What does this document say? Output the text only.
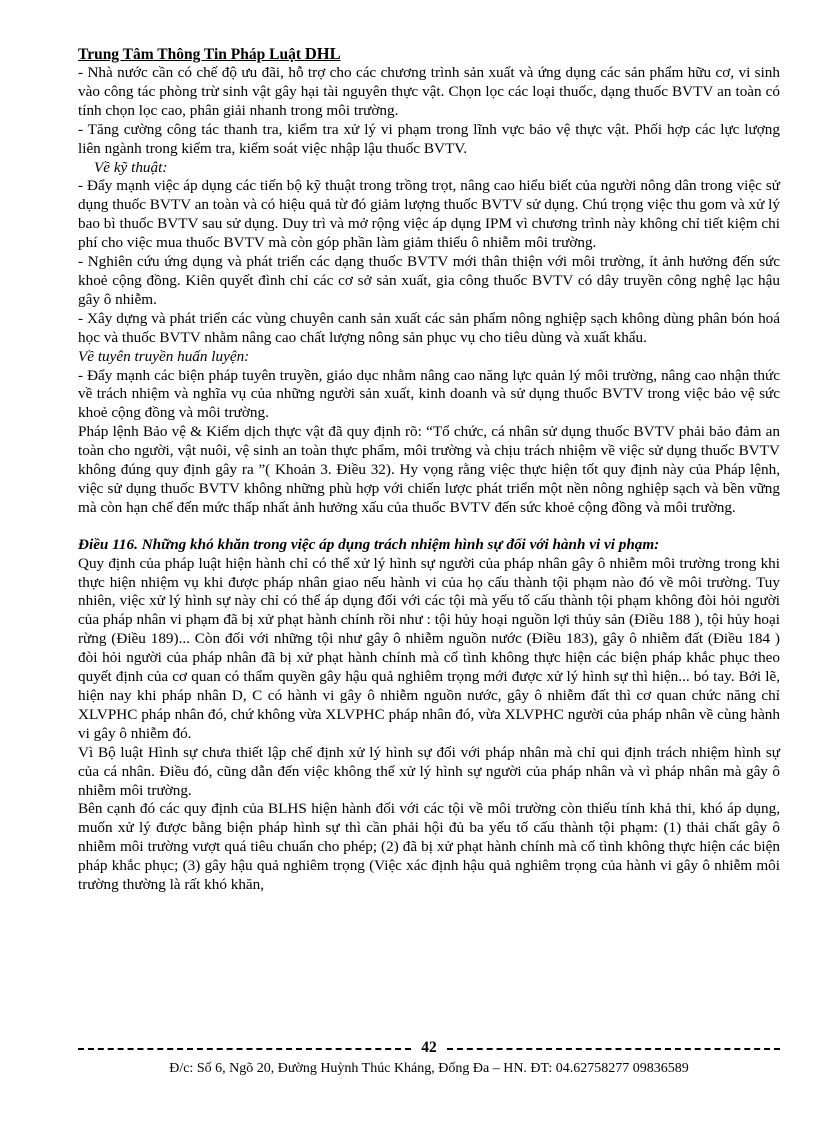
Trung Tâm Thông Tin Pháp Luật DHL

- Nhà nước cần có chế độ ưu đãi, hỗ trợ cho các chương trình sản xuất và ứng dụng các sản phẩm hữu cơ, vi sinh vào công tác phòng trừ sinh vật gây hại tài nguyên thực vật. Chọn lọc các loại thuốc, dạng thuốc BVTV an toàn có tính chọn lọc cao, phân giải nhanh trong môi trường.

- Tăng cường công tác thanh tra, kiểm tra xử lý vi phạm trong lĩnh vực bảo vệ thực vật. Phối hợp các lực lượng liên ngành trong kiểm tra, kiểm soát việc nhập lậu thuốc BVTV.

Về kỹ thuật:

- Đẩy mạnh việc áp dụng các tiến bộ kỹ thuật trong trồng trọt, nâng cao hiểu biết của người nông dân trong việc sử dụng thuốc BVTV an toàn và có hiệu quả từ đó giảm lượng thuốc BVTV sử dụng. Chú trọng việc thu gom và xử lý bao bì thuốc BVTV sau sử dụng. Duy trì và mở rộng việc áp dụng IPM vì chương trình này không chỉ tiết kiệm chi phí cho việc mua thuốc BVTV mà còn góp phần làm giảm thiểu ô nhiễm môi trường.

- Nghiên cứu ứng dụng và phát triển các dạng thuốc BVTV mới thân thiện với môi trường, ít ảnh hưởng đến sức khoẻ cộng đồng. Kiên quyết đình chỉ các cơ sở sản xuất, gia công thuốc BVTV có dây truyền công nghệ lạc hậu gây ô nhiễm.

- Xây dựng và phát triển các vùng chuyên canh sản xuất các sản phẩm nông nghiệp sạch không dùng phân bón hoá học và thuốc BVTV nhằm nâng cao chất lượng nông sản phục vụ cho tiêu dùng và xuất khẩu.

Về tuyên truyền huấn luyện:

- Đẩy mạnh các biện pháp tuyên truyền, giáo dục nhằm nâng cao năng lực quản lý môi trường, nâng cao nhận thức về trách nhiệm và nghĩa vụ của những người sản xuất, kinh doanh và sử dụng thuốc BVTV trong việc bảo vệ sức khoẻ cộng đồng và môi trường.

Pháp lệnh Bảo vệ & Kiểm dịch thực vật đã quy định rõ: “Tổ chức, cá nhân sử dụng thuốc BVTV phải bảo đảm an toàn cho người, vật nuôi, vệ sinh an toàn thực phẩm, môi trường và chịu trách nhiệm về việc sử dụng thuốc BVTV không đúng quy định gây ra ”( Khoản 3. Điều 32). Hy vọng rằng việc thực hiện tốt quy định này của Pháp lệnh, việc sử dụng thuốc BVTV không những phù hợp với chiến lược phát triển một nền nông nghiệp sạch và bền vững mà còn hạn chế đến mức thấp nhất ảnh hưởng xấu của thuốc BVTV đến sức khoẻ cộng đồng và môi trường.

Điều 116. Những khó khăn trong việc áp dụng trách nhiệm hình sự đối với hành vi vi phạm:

Quy định của pháp luật hiện hành chỉ có thể xử lý hình sự người của pháp nhân gây ô nhiễm môi trường trong khi thực hiện nhiệm vụ khi được pháp nhân giao nếu hành vi của họ cấu thành tội phạm nào đó về môi trường. Tuy nhiên, việc xử lý hình sự này chỉ có thể áp dụng đối với các tội mà yếu tố cấu thành tội phạm không đòi hỏi người của pháp nhân vi phạm đã bị xử phạt hành chính rồi như : tội hủy hoại nguồn lợi thủy sản (Điều 188 ), tội hủy hoại rừng (Điều 189)... Còn đối với những tội như gây ô nhiễm nguồn nước (Điều 183), gây ô nhiễm đất (Điều 184 ) đòi hỏi người của pháp nhân đã bị xử phạt hành chính mà cố tình không thực hiện các biện pháp khắc phục theo quyết định của cơ quan có thẩm quyền gây hậu quả nghiêm trọng mới được xử lý hình sự thì hiện... bó tay. Bởi lẽ, hiện nay khi pháp nhân D, C có hành vi gây ô nhiễm nguồn nước, gây ô nhiễm đất thì cơ quan chức năng chỉ XLVPHC pháp nhân đó, chứ không vừa XLVPHC pháp nhân đó, vừa XLVPHC người của pháp nhân về cùng hành vi gây ô nhiễm đó.

Vì Bộ luật Hình sự chưa thiết lập chế định xử lý hình sự đối với pháp nhân mà chỉ qui định trách nhiệm hình sự của cá nhân. Điều đó, cũng dẫn đến việc không thể xử lý hình sự người của pháp nhân và vì pháp nhân mà gây ô nhiễm môi trường.

Bên cạnh đó các quy định của BLHS hiện hành đối với các tội về môi trường còn thiếu tính khả thi, khó áp dụng, muốn xử lý được bằng biện pháp hình sự thì cần phải hội đủ ba yếu tố cấu thành tội phạm: (1) thải chất gây ô nhiễm môi trường vượt quá tiêu chuẩn cho phép; (2) đã bị xử phạt hành chính mà cố tình không thực hiện các biện pháp khắc phục; (3) gây hậu quả nghiêm trọng (Việc xác định hậu quả nghiêm trọng của hành vi gây ô nhiễm môi trường thường là rất khó khăn,

42
Đ/c: Số 6, Ngõ 20, Đường Huỳnh Thúc Kháng, Đống Đa – HN. ĐT: 04.62758277 09836589
